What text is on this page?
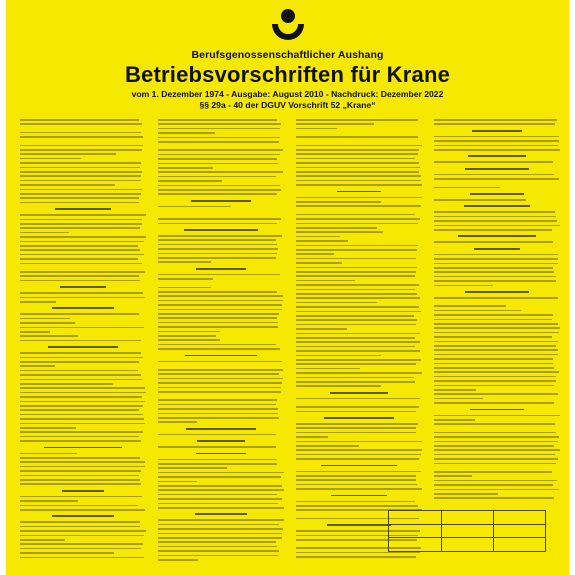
Berufsgenossenschaftlicher Aushang
Betriebsvorschriften für Krane
vom 1. Dezember 1974 - Ausgabe: August 2010 - Nachdruck: Dezember 2022
§§ 29a - 40 der DGUV Vorschrift 52 „Krane“
